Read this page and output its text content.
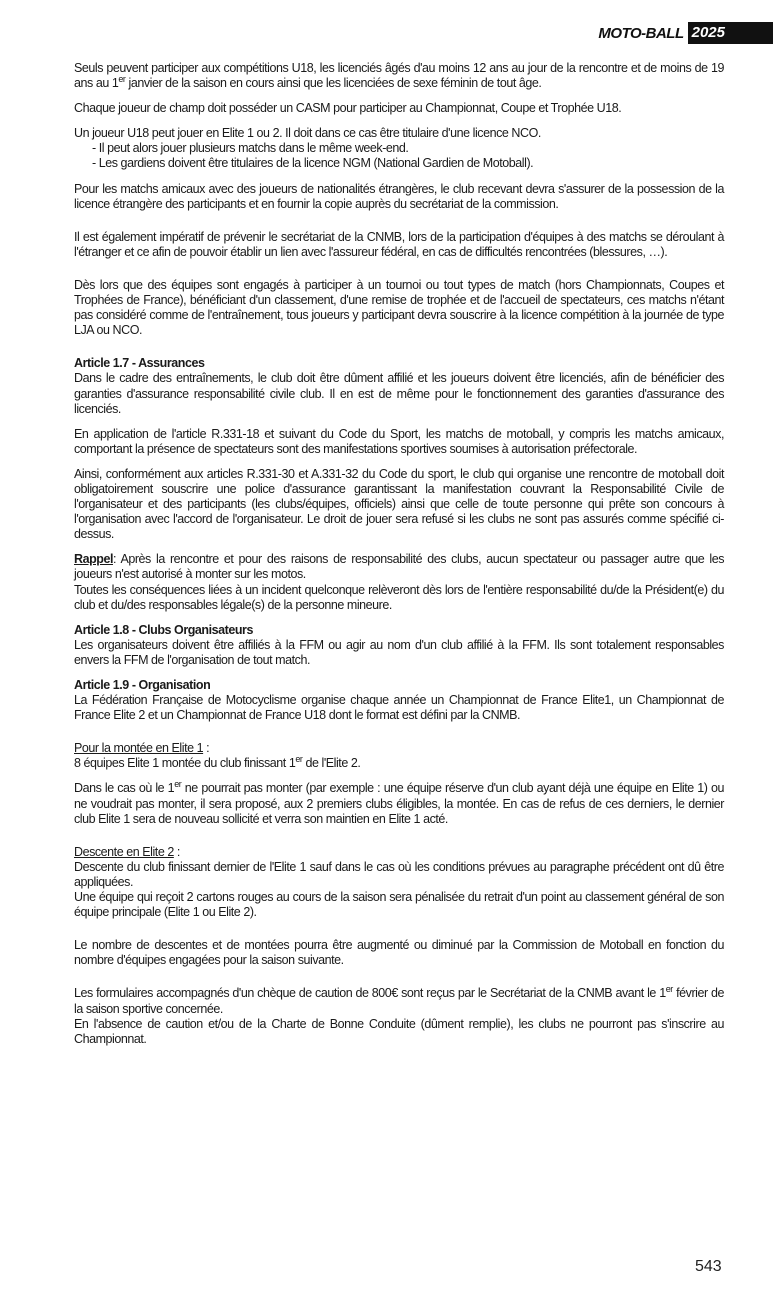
MOTO-BALL 2025

Seuls peuvent participer aux compétitions U18, les licenciés âgés d'au moins 12 ans au jour de la rencontre et de moins de 19 ans au 1er janvier de la saison en cours ainsi que les licenciées de sexe féminin de tout âge.

Chaque joueur de champ doit posséder un CASM pour participer au Championnat, Coupe et Trophée U18.

Un joueur U18 peut jouer en Elite 1 ou 2. Il doit dans ce cas être titulaire d'une licence NCO.
- Il peut alors jouer plusieurs matchs dans le même week-end.
- Les gardiens doivent être titulaires de la licence NGM (National Gardien de Motoball).

Pour les matchs amicaux avec des joueurs de nationalités étrangères, le club recevant devra s'assurer de la possession de la licence étrangère des participants et en fournir la copie auprès du secrétariat de la commission.

Il est également impératif de prévenir le secrétariat de la CNMB, lors de la participation d'équipes à des matchs se déroulant à l'étranger et ce afin de pouvoir établir un lien avec l'assureur fédéral, en cas de difficultés rencontrées (blessures, …).

Dès lors que des équipes sont engagés à participer à un tournoi ou tout types de match (hors Championnats, Coupes et Trophées de France), bénéficiant d'un classement, d'une remise de trophée et de l'accueil de spectateurs, ces matchs n'étant pas considéré comme de l'entraînement, tous joueurs y participant devra souscrire à la licence compétition à la journée de type LJA ou NCO.

Article 1.7 - Assurances

Dans le cadre des entraînements, le club doit être dûment affilié et les joueurs doivent être licenciés, afin de bénéficier des garanties d'assurance responsabilité civile club. Il en est de même pour le fonctionnement des garanties d'assurance des licenciés.

En application de l'article R.331-18 et suivant du Code du Sport, les matchs de motoball, y compris les matchs amicaux, comportant la présence de spectateurs sont des manifestations sportives soumises à autorisation préfectorale.

Ainsi, conformément aux articles R.331-30 et A.331-32 du Code du sport, le club qui organise une rencontre de motoball doit obligatoirement souscrire une police d'assurance garantissant la manifestation couvrant la Responsabilité Civile de l'organisateur et des participants (les clubs/équipes, officiels) ainsi que celle de toute personne qui prête son concours à l'organisation avec l'accord de l'organisateur. Le droit de jouer sera refusé si les clubs ne sont pas assurés comme spécifié ci-dessus.

Rappel: Après la rencontre et pour des raisons de responsabilité des clubs, aucun spectateur ou passager autre que les joueurs n'est autorisé à monter sur les motos.
Toutes les conséquences liées à un incident quelconque relèveront dès lors de l'entière responsabilité du/de la Président(e) du club et du/des responsables légale(s) de la personne mineure.

Article 1.8 - Clubs Organisateurs

Les organisateurs doivent être affiliés à la FFM ou agir au nom d'un club affilié à la FFM. Ils sont totalement responsables envers la FFM de l'organisation de tout match.

Article 1.9 - Organisation

La Fédération Française de Motocyclisme organise chaque année un Championnat de France Elite1, un Championnat de France Elite 2 et un Championnat de France U18 dont le format est défini par la CNMB.

Pour la montée en Elite 1 :
8 équipes Elite 1 montée du club finissant 1er de l'Elite 2.

Dans le cas où le 1er ne pourrait pas monter (par exemple : une équipe réserve d'un club ayant déjà une équipe en Elite 1) ou ne voudrait pas monter, il sera proposé, aux 2 premiers clubs éligibles, la montée. En cas de refus de ces derniers, le dernier club Elite 1 sera de nouveau sollicité et verra son maintien en Elite 1 acté.

Descente en Elite 2 :
Descente du club finissant dernier de l'Elite 1 sauf dans le cas où les conditions prévues au paragraphe précédent ont dû être appliquées.
Une équipe qui reçoit 2 cartons rouges au cours de la saison sera pénalisée du retrait d'un point au classement général de son équipe principale (Elite 1 ou Elite 2).

Le nombre de descentes et de montées pourra être augmenté ou diminué par la Commission de Motoball en fonction du nombre d'équipes engagées pour la saison suivante.

Les formulaires accompagnés d'un chèque de caution de 800€ sont reçus par le Secrétariat de la CNMB avant le 1er février de la saison sportive concernée.
En l'absence de caution et/ou de la Charte de Bonne Conduite (dûment remplie), les clubs ne pourront pas s'inscrire au Championnat.

543
